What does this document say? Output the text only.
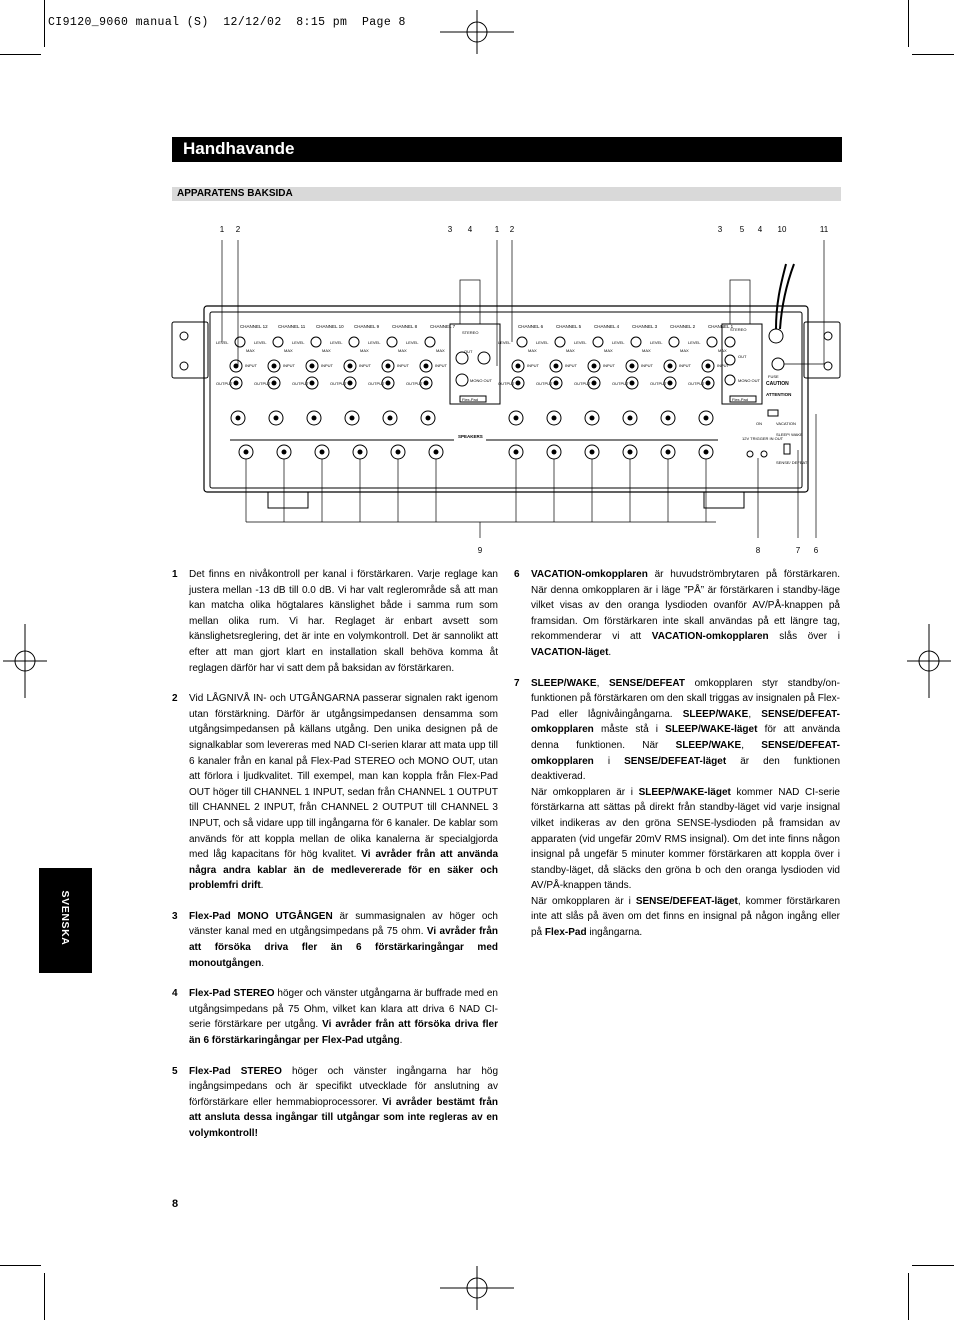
CI9120_9060 manual (S)  12/12/02  8:15 pm  Page 8
Handhavande
APPARATENS BAKSIDA
CHANNEL 12 CHANNEL 11 CHANNEL 10 CHANNEL 9	CHANNEL 8	CHANNEL 7	CHANNEL 6	CHANNEL 5	CHANNEL 4	CHANNEL 3	CHANNEL 2	CHANNEL 1
LEVEL
MAX
INPUT
OUTPUT
LEVEL
MAX
INPUT
OUTPUT
LEVEL
MAX
INPUT
OUTPUT
LEVEL
MAX
INPUT
OUTPUT
LEVEL
MAX
INPUT
OUTPUT
LEVEL
MAX
INPUT
OUTPUT
LEVEL
MAX
INPUT
OUTPUT
LEVEL
MAX
INPUT
OUTPUT
LEVEL
MAX
INPUT
OUTPUT
LEVEL
MAX
INPUT
OUTPUT
LEVEL
MAX
INPUT
OUTPUT
LEVEL
MAX
INPUT
OUTPUT
STEREO
OUT
MONO OUT
Flex-Pad
STEREO
OUT
MONO OUT
Flex-Pad
FUSE
CAUTION
ATTENTION
ON	VACATION
SLEEP/ WAKE
SENSE/ DEFEAT
12V TRIGGER IN OUT
SPEAKERS
1 2	3 4	1 2	3 5 4 10	11
9	8	7 6
1 Det finns en nivåkontroll per kanal i förstärkaren. Varje reglage kan justera mellan -13 dB till 0.0 dB. Vi har valt reglerområde så att man kan matcha olika högtalares känslighet både i samma rum som mellan olika rum. Vi har. Reglaget är enbart avsett som känslighetsreglering, det är inte en volymkontroll. Det är sannolikt att efter att man gjort klart en installation skall behöva komma åt reglagen därför har vi satt dem på baksidan av förstärkaren.

2 Vid LÅGNIVÅ IN- och UTGÅNGARNA passerar signalen rakt igenom utan förstärkning. Därför är utgångsimpedansen densamma som utgångsimpedansen på källans utgång. Den unika designen på de signalkablar som levereras med NAD CI-serien klarar att mata upp till 6 kanaler från en kanal på Flex-Pad STEREO och MONO OUT, utan att förlora i ljudkvalitet. Till exempel, man kan koppla från Flex-Pad OUT höger till CHANNEL 1 INPUT, sedan från CHANNEL 1 OUTPUT till CHANNEL 2 INPUT, från CHANNEL 2 OUTPUT till CHANNEL 3 INPUT, och så vidare upp till ingångarna för 6 kanaler. De kablar som används för att koppla mellan de olika kanalerna är specialgjorda med låg kapacitans för hög kvalitet. Vi avråder från att använda några andra kablar än de medlevererade för en säker och problemfri drift.

3 Flex-Pad MONO UTGÅNGEN är summasignalen av höger och vänster kanal med en utgångsimpedans på 75 ohm. Vi avråder från att försöka driva fler än 6 förstärkaringångar med monoutgången.

4 Flex-Pad STEREO höger och vänster utgångarna är buffrade med en utgångsimpedans på 75 Ohm, vilket kan klara att driva 6 NAD CI-serie förstärkare per utgång. Vi avråder från att försöka driva fler än 6 förstärkaringångar per Flex-Pad utgång.

5 Flex-Pad STEREO höger och vänster ingångarna har hög ingångsimpedans och är specifikt utvecklade för anslutning av förförstärkare eller hemmabioprocessorer. Vi avråder bestämt från att ansluta dessa ingångar till utgångar som inte regleras av en volymkontroll!

6 VACATION-omkopplaren är huvudströmbrytaren på förstärkaren. När denna omkopplaren är i läge ”PÅ” är förstärkaren i standby-läge vilket visas av den oranga lysdioden ovanför AV/PÅ-knappen på framsidan. Om förstärkaren inte skall användas på ett längre tag, rekommenderar vi att VACATION-omkopplaren slås över i VACATION-läget.

7 SLEEP/WAKE, SENSE/DEFEAT omkopplaren styr standby/on-funktionen på förstärkaren om den skall triggas av insignalen på Flex-Pad eller lågnivåingångarna. SLEEP/WAKE, SENSE/DEFEAT-omkopplaren måste stå i SLEEP/WAKE-läget för att använda denna funktionen. När SLEEP/WAKE, SENSE/DEFEAT-omkopplaren i SENSE/DEFEAT-läget är den funktionen deaktiverad.
När omkopplaren är i SLEEP/WAKE-läget kommer NAD CI-serie förstärkarna att sättas på direkt från standby-läget vid varje insignal vilket indikeras av den gröna SENSE-lysdioden på framsidan av apparaten (vid ungefär 20mV RMS insignal). Om det inte finns någon insignal på ungefär 5 minuter kommer förstärkaren att koppla över i standby-läget, då släcks den gröna b och den oranga lysdioden vid AV/PÅ-knappen tänds.
När omkopplaren är i SENSE/DEFEAT-läget, kommer förstärkaren inte att slås på även om det finns en insignal på någon ingång eller på Flex-Pad ingångarna.

SVENSKA
8
